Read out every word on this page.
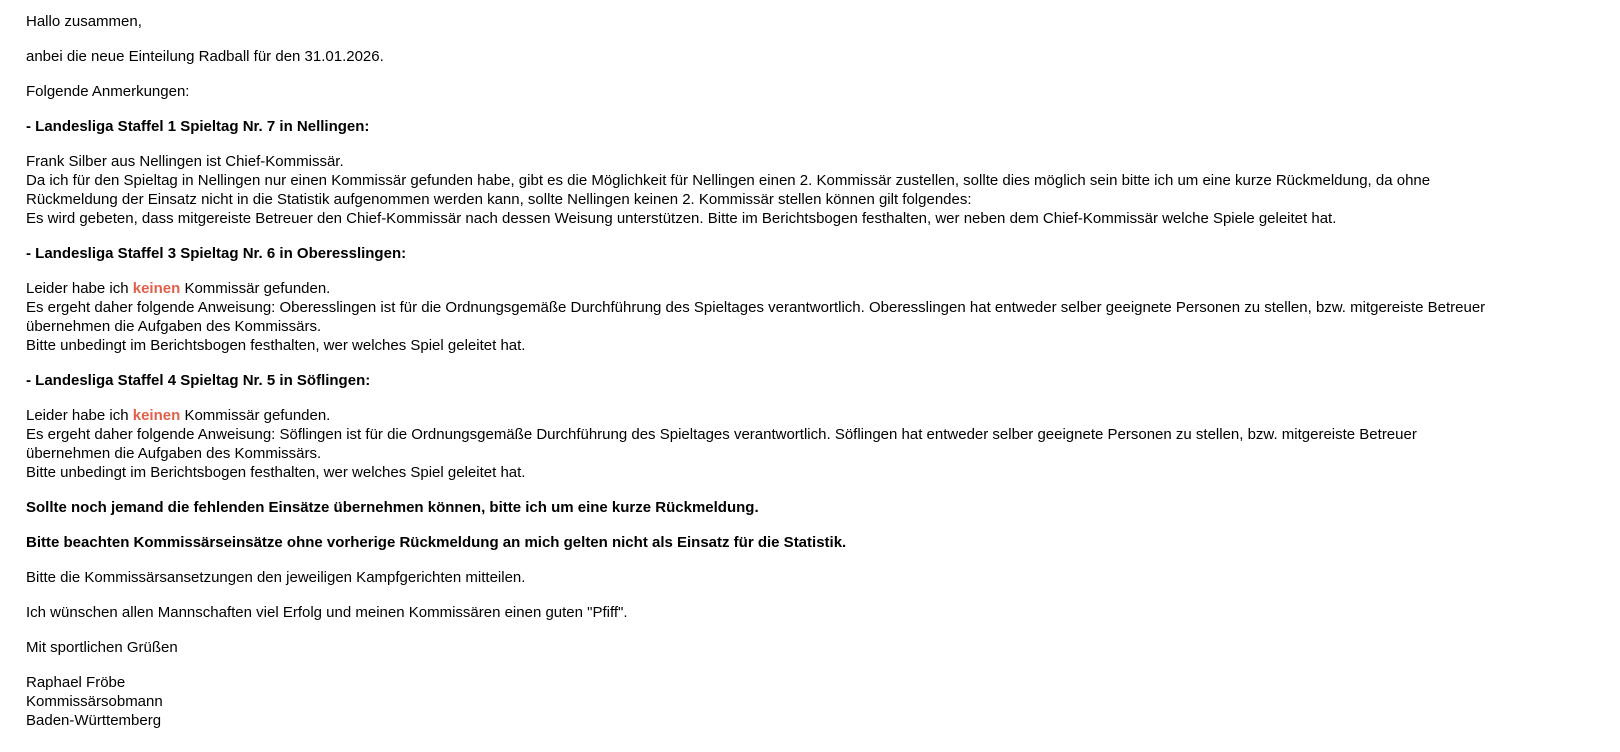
Hallo zusammen,
anbei die neue Einteilung Radball für den 31.01.2026.
Folgende Anmerkungen:
- Landesliga Staffel 1 Spieltag Nr. 7 in Nellingen:
Frank Silber aus Nellingen ist Chief-Kommissär.
Da ich für den Spieltag in Nellingen nur einen Kommissär gefunden habe, gibt es die Möglichkeit für Nellingen einen 2. Kommissär zustellen, sollte dies möglich sein bitte ich um eine kurze Rückmeldung, da ohne
Rückmeldung der Einsatz nicht in die Statistik aufgenommen werden kann, sollte Nellingen keinen 2. Kommissär stellen können gilt folgendes:
Es wird gebeten, dass mitgereiste Betreuer den Chief-Kommissär nach dessen Weisung unterstützen. Bitte im Berichtsbogen festhalten, wer neben dem Chief-Kommissär welche Spiele geleitet hat.
- Landesliga Staffel 3 Spieltag Nr. 6 in Oberesslingen:
Leider habe ich keinen Kommissär gefunden.
Es ergeht daher folgende Anweisung: Oberesslingen ist für die Ordnungsgemäße Durchführung des Spieltages verantwortlich. Oberesslingen hat entweder selber geeignete Personen zu stellen, bzw. mitgereiste Betreuer
übernehmen die Aufgaben des Kommissärs.
Bitte unbedingt im Berichtsbogen festhalten, wer welches Spiel geleitet hat.
- Landesliga Staffel 4 Spieltag Nr. 5 in Söflingen:
Leider habe ich keinen Kommissär gefunden.
Es ergeht daher folgende Anweisung: Söflingen ist für die Ordnungsgemäße Durchführung des Spieltages verantwortlich. Söflingen hat entweder selber geeignete Personen zu stellen, bzw. mitgereiste Betreuer
übernehmen die Aufgaben des Kommissärs.
Bitte unbedingt im Berichtsbogen festhalten, wer welches Spiel geleitet hat.
Sollte noch jemand die fehlenden Einsätze übernehmen können, bitte ich um eine kurze Rückmeldung.
Bitte beachten Kommissärseinsätze ohne vorherige Rückmeldung an mich gelten nicht als Einsatz für die Statistik.
Bitte die Kommissärsansetzungen den jeweiligen Kampfgerichten mitteilen.
Ich wünschen allen Mannschaften viel Erfolg und meinen Kommissären einen guten "Pfiff".
Mit sportlichen Grüßen
Raphael Fröbe
Kommissärsobmann
Baden-Württemberg
